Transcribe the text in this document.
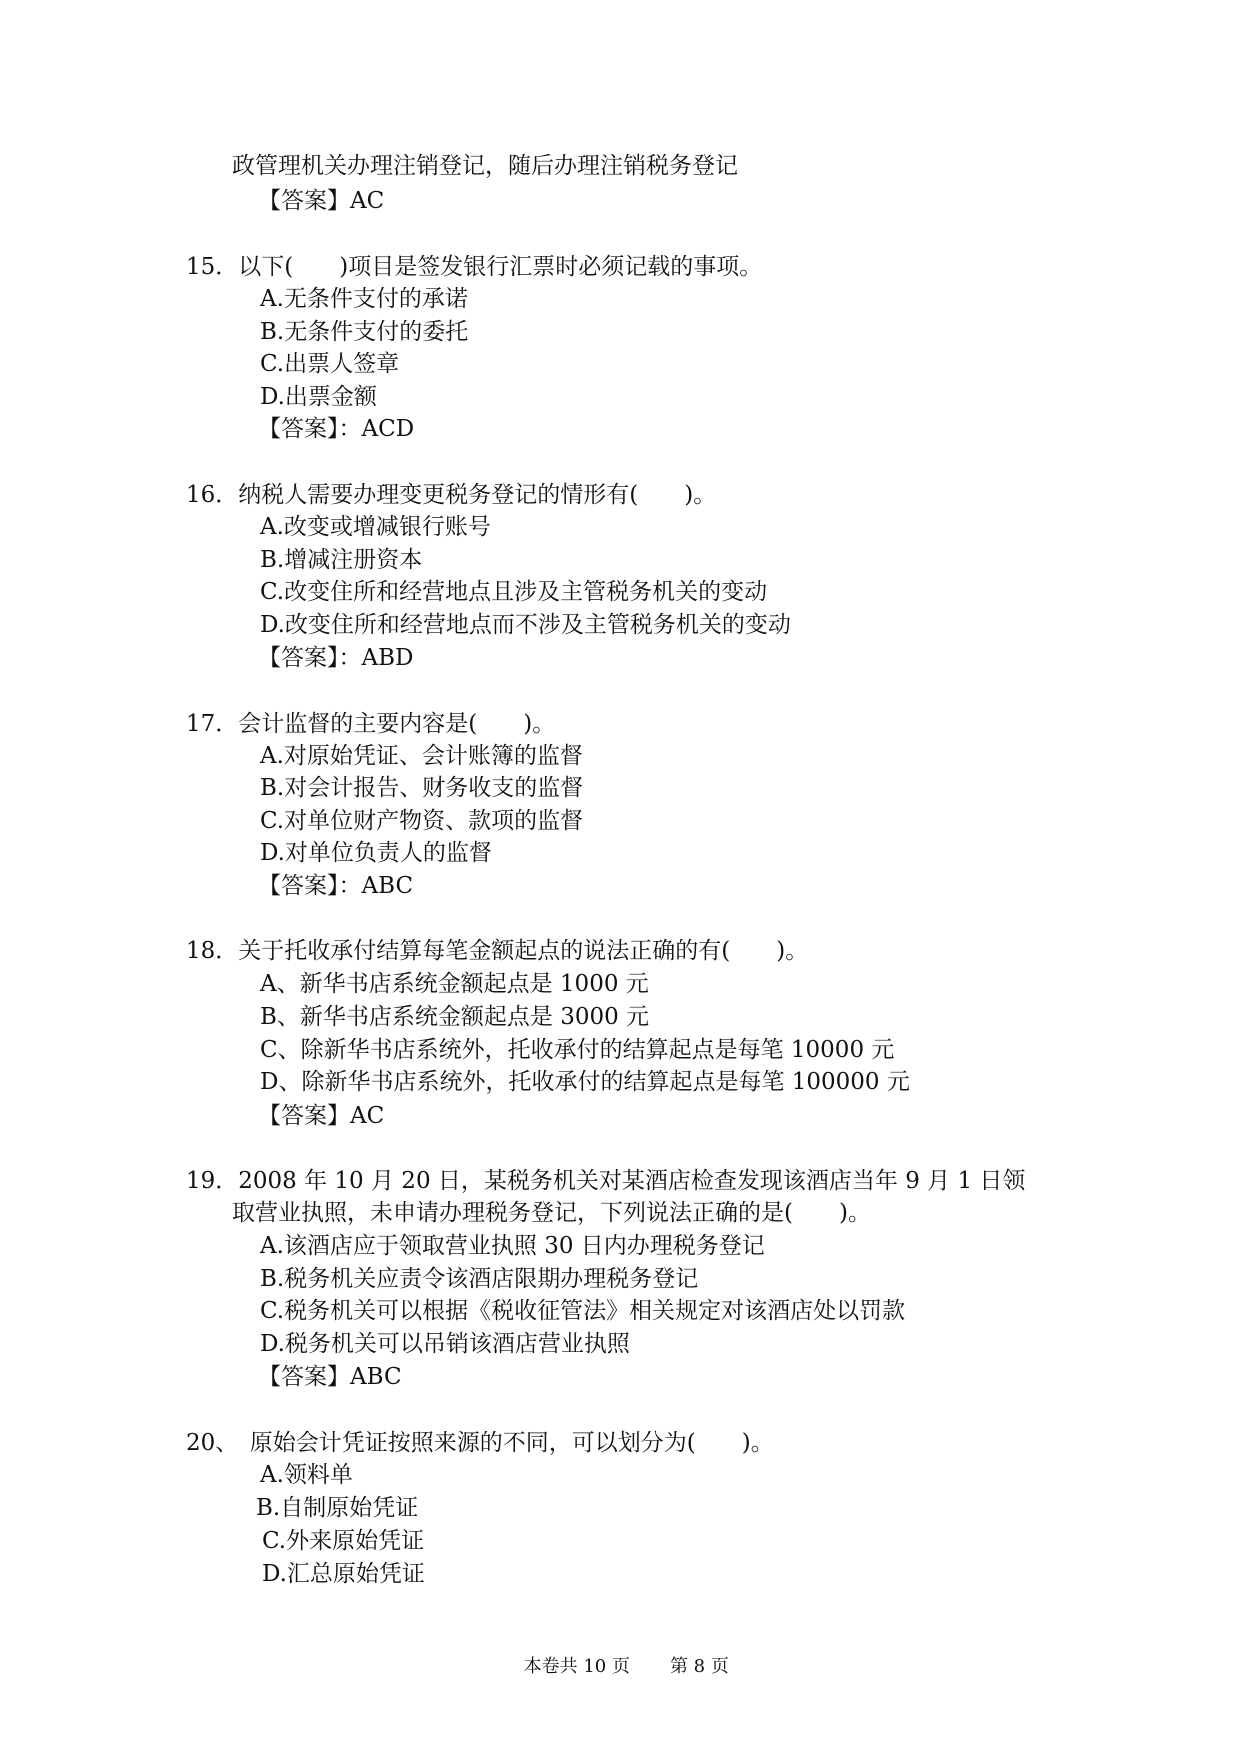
政管理机关办理注销登记，随后办理注销税务登记
【答案】AC
15．以下(　　)项目是签发银行汇票时必须记载的事项。
A.无条件支付的承诺
B.无条件支付的委托
C.出票人签章
D.出票金额
【答案】：ACD
16．纳税人需要办理变更税务登记的情形有(　　)。
A.改变或增减银行账号
B.增减注册资本
C.改变住所和经营地点且涉及主管税务机关的变动
D.改变住所和经营地点而不涉及主管税务机关的变动
【答案】：ABD
17．会计监督的主要内容是(　　)。
A.对原始凭证、会计账簿的监督
B.对会计报告、财务收支的监督
C.对单位财产物资、款项的监督
D.对单位负责人的监督
【答案】：ABC
18．关于托收承付结算每笔金额起点的说法正确的有(　　)。
A、新华书店系统金额起点是 1000 元
B、新华书店系统金额起点是 3000 元
C、除新华书店系统外，托收承付的结算起点是每笔 10000 元
D、除新华书店系统外，托收承付的结算起点是每笔 100000 元
【答案】AC
19．2008 年 10 月 20 日，某税务机关对某酒店检查发现该酒店当年 9 月 1 日领
取营业执照，未申请办理税务登记，下列说法正确的是(　　)。
A.该酒店应于领取营业执照 30 日内办理税务登记
B.税务机关应责令该酒店限期办理税务登记
C.税务机关可以根据《税收征管法》相关规定对该酒店处以罚款
D.税务机关可以吊销该酒店营业执照
【答案】ABC
20、　原始会计凭证按照来源的不同，可以划分为(　　)。
A.领料单
B.自制原始凭证
C.外来原始凭证
D.汇总原始凭证

本卷共 10 页 第 8 页
